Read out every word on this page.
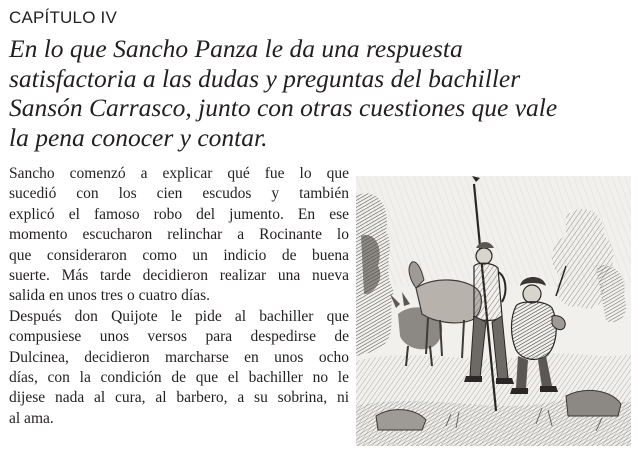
CAPÍTULO IV
En lo que Sancho Panza le da una respuesta
satisfactoria a las dudas y preguntas del bachiller
Sansón Carrasco, junto con otras cuestiones que vale
la pena conocer y contar.
Sancho comenzó a explicar qué fue lo que
sucedió con los cien escudos y también
explicó el famoso robo del jumento. En ese
momento escucharon relinchar a Rocinante lo
que consideraron como un indicio de buena
suerte. Más tarde decidieron realizar una nueva
salida en unos tres o cuatro días.
Después don Quijote le pide al bachiller que
compusiese unos versos para despedirse de
Dulcinea, decidieron marcharse en unos ocho
días, con la condición de que el bachiller no le
dijese nada al cura, al barbero, a su sobrina, ni
al ama.
